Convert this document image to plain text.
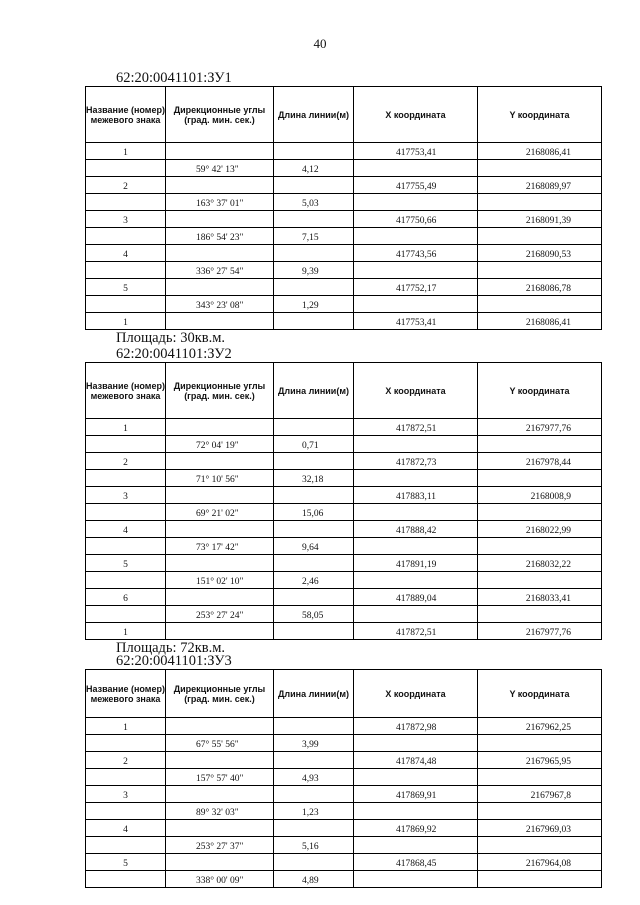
40
62:20:0041101:ЗУ1
Название (номер) межевого знака	Дирекционные углы (град. мин. сек.)	Длина линии(м)	X координата	Y координата
1			417753,41	2168086,41
	59° 42' 13"	4,12		
2			417755,49	2168089,97
	163° 37' 01"	5,03		
3			417750,66	2168091,39
	186° 54' 23"	7,15		
4			417743,56	2168090,53
	336° 27' 54"	9,39		
5			417752,17	2168086,78
	343° 23' 08"	1,29		
1			417753,41	2168086,41
Площадь: 30кв.м.
62:20:0041101:ЗУ2
Название (номер) межевого знака	Дирекционные углы (град. мин. сек.)	Длина линии(м)	X координата	Y координата
1			417872,51	2167977,76
	72° 04' 19"	0,71		
2			417872,73	2167978,44
	71° 10' 56"	32,18		
3			417883,11	2168008,9
	69° 21' 02"	15,06		
4			417888,42	2168022,99
	73° 17' 42"	9,64		
5			417891,19	2168032,22
	151° 02' 10"	2,46		
6			417889,04	2168033,41
	253° 27' 24"	58,05		
1			417872,51	2167977,76
Площадь: 72кв.м.
62:20:0041101:ЗУ3
Название (номер) межевого знака	Дирекционные углы (град. мин. сек.)	Длина линии(м)	X координата	Y координата
1			417872,98	2167962,25
	67° 55' 56"	3,99		
2			417874,48	2167965,95
	157° 57' 40"	4,93		
3			417869,91	2167967,8
	89° 32' 03"	1,23		
4			417869,92	2167969,03
	253° 27' 37"	5,16		
5			417868,45	2167964,08
	338° 00' 09"	4,89		
